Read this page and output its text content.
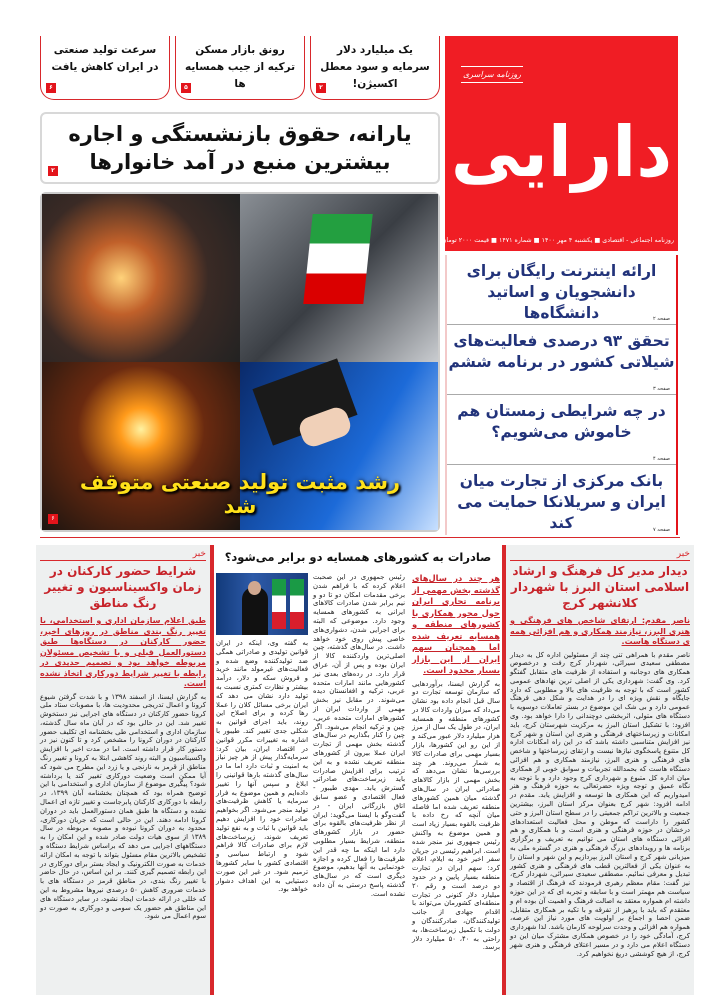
یک میلیارد دلار سرمایه و سود معطل اکسیژن!
۲
رونق بازار مسکن ترکیه از جیب همسایه ها
۵
سرعت تولید صنعتی در ایران کاهش یافت
۶
روزنامه سراسری
دارایی
روزنامه اجتماعی - اقتصادی ■ یکشنبه ۴ مهر ۱۴۰۰ ■ شماره ۱۴۷۱ ■ قیمت ۲۰۰۰ تومان
یارانه، حقوق بازنشستگی و اجاره بیشترین منبع در آمد خانوارها
۲
رشد مثبت تولید صنعتی متوقف شد
۶
ارائه اینترنت رایگان برای دانشجویان و اساتید دانشگاه‌ها	صفحه ۲
تحقق ۹۳ درصدی فعالیت‌های شیلاتی کشور در برنامه ششم
صفحه ۳
در چه شرایطی زمستان هم خاموش می‌شویم؟
صفحه ۴
بانک مرکزی از تجارت میان ایران و سریلانکا حمایت می کند	صفحه ۷
خبر
دیدار مدیر کل فرهنگ و ارشاد اسلامی استان البرز با شهردار کلانشهر کرج
ناصر مقدم: ارتقای شاخص های فرهنگی و هنری البرز، نیازمند همکاری و هم افزائی همه ی دستگاه هاست.
ناصر مقدم با همراهی تنی چند از مسئولین اداره کل به دیدار مصطفی سعیدی سیرائی، شهردار کرج رفت و درخصوص همکاری های دوجانبه و استفاده از ظرفیت های متقابل گفتگو کرد. وی گفت: شهرداری یکی از اصلی ترین نهادهای عمومی کشور است که با توجه به ظرفیت های بالا و مطلوبی که دارد جایگاه و نقش ویژه ای را در هدایت و شکل دهی فرهنگ عمومی دارد و بی شک این موضوع در بستر تعاملات دوسویه با دستگاه های متولی، اثربخشی دوچندانی را دارا خواهد بود. وی افزود: با تشکیل استان البرز به مرکزیت شهرستان کرج، باید امکانات و زیرساختهای فرهنگی و هنری این استان و شهر کرج نیز افزایش متناسبی داشته باشد که در این راه امکانات اداره کل متنوع پاسخگوی نیازها نیست و ارتقای زیرساختها و شاخص های فرهنگی و هنری البرز، نیازمند همکاری و هم افزائی دستگاه هاست که بحمدالله تجربیات و سوابق خوبی از همکاری میان اداره کل متبوع و شهرداری کرج وجود دارد و با توجه به نگاه عمیق و توجه ویژه حضرتعالی به حوزه فرهنگ و هنر امیدواریم که این همکاری ها توسعه و افزایش یابد. مقدم در ادامه افزود: شهر کرج بعنوان مرکز استان البرز، بیشترین جمعیت و بالاترین تراکم جمعیتی را در سطح استان البرز و حتی کشور را داراست که موطن و محل فعالیت استعدادهای درخشان در حوزه فرهنگی و هنری است و با همکاری و هم افزائی دستگاه های استان می توانیم به تعریف و برگزاری برنامه ها و رویدادهای بزرگ فرهنگی و هنری در گستره ملی به میزبانی شهر کرج و استان البرز بپردازیم و این شهر و استان را به عنوان یکی از فعالترین قطب های فرهنگی و هنری کشور تبدیل و معرفی نمائیم. مصطفی سعیدی سیرائی، شهردار کرج، نیز گفت: مقام معظم رهبری فرمودند که فرهنگ از اقتصاد و سیاست هم مهمتر است و با سابقه و تجربه ای که در این حوزه داشته ام همواره معتقد به اصالت فرهنگ و اهمیت آن بوده ام و معتقدم که باید با پرهیز از تفرقه و با تکیه بر همکاری متقابل، ضمن احصا و اجماع بر اولویت های مورد نیاز این عرصه، همواره هم افزائی و وحدت سرلوحه کارمان باشد. لذا شهرداری کرج، آمادگی خود را در خصوص همکاری مشترک میان این دو دستگاه اعلام می دارد و در مسیر اعتلای فرهنگی و هنری شهر کرج، از هیچ کوششی دریغ نخواهیم کرد.
صادرات به کشورهای همسایه دو برابر می‌شود؟
هر چند در سال‌های گذشته بخش مهمی از برنامه تجاری ایران حول محور همکاری با کشورهای منطقه و همسایه تعریف شده اما همچنان سهم ایران از این بازار بسیار محدود است.
به گزارش ایسنا، برآوردهایی که سازمان توسعه تجارت دو سال قبل انجام داده بود نشان می‌داد که میزان واردات کالا در کشورهای منطقه و همسایه ایران، در طول یک سال از مرز هزار میلیارد دلار عبور می‌کند و از این رو این کشورها، بازار بسیار مهمی برای صادرات کالا به شمار می‌روند. هر چند بررسی‌ها نشان می‌دهد که بخش مهمی از بازار کالاهای صادراتی ایران در سال‌های گذشته میان همین کشورهای منطقه تعریف شده اما فاصله میان آنچه که رخ داده با ظرفیت بالقوه بسیار زیاد است و همین موضوع به واکنش رئیس جمهوری نیز منجر شده است. ابراهیم رئیسی در جریان سفر اخیر خود به ایلام، اعلام کرد: سهم ایران در تجارت منطقه بسیار پایین و در حدود دو درصد است و رقم ۲۰ میلیارد دلار کنونی در تجارت منطقه‌ای کشورمان می‌تواند با اقدام جهادی از جانب تولیدکنندگان، صادرکنندگان و دولت با تکمیل زیرساخت‌ها، به راحتی به ۴۰، ۵۰ میلیارد دلار برسد.
رئیس جمهوری در این صحبت اعلام کرده که با فراهم شدن برخی مقدمات امکان دو تا دو و نیم برابر شدن صادرات کالاهای ایرانی به کشورهای همسایه وجود دارد. موضوعی که البته برای اجرایی شدن، دشواری‌های خاصی پیش روی خود خواهد داشت. در سال‌های گذشته، چین اصلی‌ترین واردکننده کالا از ایران بوده و پس از آن، عراق قرار دارد. در رده‌های بعدی نیز کشورهایی مانند امارات متحده عربی، ترکیه و افغانستان دیده می‌شوند. در مقابل نیز بخش مهمی از واردات ایران از کشورهای امارات متحده عربی، چین و ترکیه انجام می‌شود. اگر چین را کنار بگذاریم در سال‌های گذشته بخش مهمی از تجارت ایران عملا بیرون از کشورهای منطقه تعریف نشده و به این ترتیب برای افزایش صادرات باید زیرساخت‌های صادراتی گسترش یابد. مهدی طیبور - فعال اقتصادی و عضو سابق اتاق بازرگانی ایران - در گفت‌وگو با ایسنا می‌گوید: ایران از نظر ظرفیت‌های بالقوه برای حضور در بازار کشورهای منطقه، شرایط بسیار مطلوبی دارد اما اینکه ما چه قدر این ظرفیت‌ها را فعال کرده و اجازه خودنمایی به آنها بدهیم، موضوع دیگری است که در سال‌های گذشته پاسخ درستی به آن داده نشده است.
به گفته وی، اینکه در ایران قوانین تولیدی و صادراتی همگی ضد تولیدکننده وضع شده و فعالیت‌های غیرمولد مانند خرید و فروش سکه و دلار، درآمد بیشتر و نظارت کمتری نسبت به تولید دارد نشان می دهد که ایران برخی مسائل کلان را عملا رها کرده و برای اصلاح این روند، باید اجرای قوانین به شکلی جدی تغییر کند. طیبور با اشاره به تغییرات مکرر قوانین در اقتصاد ایران، بیان کرد: سرمایه‌گذار پیش از هر چیز نیاز به امنیت و ثبات دارد اما ما در سال‌های گذشته بارها قوانینی را ابلاغ و سپس آنها را تغییر داده‌ایم و همین موضوع به فرار سرمایه یا کاهش ظرفیت‌های تولید منجر می‌شود. اگر بخواهیم صادرات خود را افزایش دهیم باید قوانین با ثبات و به نفع تولید تعریف شوند، زیرساخت‌های لازم برای صادرات کالا فراهم شود و ارتباط سیاسی و اقتصادی کشور با سایر کشورها ترمیم شود. در غیر این صورت دستیابی به این اهداف دشوار خواهد بود.
خبر
شرایط حضور کارکنان در زمان واکسیناسیون و تغییر رنگ مناطق
طبق اعلام سازمان اداری و استخدامی، با تغییر رنگ بندی مناطق در روزهای اخیر، حضور کارکنان در دستگاه‌ها طبق دستورالعمل قبلی و با تشخیص مسئولان مربوطه خواهد بود و تصمیم جدیدی در رابطه با تغییر شرایط دورکاری اتخاذ نشده است.
به گزارش ایسنا، از اسفند ۱۳۹۸ و با شدت گرفتن شیوع کرونا و اعمال تدریجی محدودیت ها، با مصوبات ستاد ملی کرونا حضور کارکنان در دستگاه های اجرایی نیز دستخوش تغییر شد. این در حالی بود که در آبان ماه سال گذشته، سازمان اداری و استخدامی طی بخشنامه ای تکلیف حضور کارکنان در دوران کرونا را مشخص کرد و تا کنون نیز در دستور کار قرار داشته است. اما در مدت اخیر با افزایش واکسیناسیون و البته روند کاهشی ابتلا به کرونا و تغییر رنگ مناطق از قرمز به نارنجی و یا زرد این مطرح می شود که آیا ممکن است وضعیت دورکاری تغییر کند یا برداشته شود؟ پیگیری موضوع از سازمان اداری و استخدامی با این توضیح همراه بود که همچنان بخشنامه آبان ۱۳۹۹، در رابطه با دورکاری کارکنان پابرجاست و تغییر تازه ای اعمال نشده و دستگاه ها طبق همان دستورالعمل باید در دوران کرونا ادامه دهند. این در حالی است که جریان دورکاری، محدود به دوران کرونا نبوده و مصوبه مربوطه در سال ۱۳۸۹ از سوی هیات دولت صادر شده و این امکان را به دستگاههای اجرایی می دهد که براساس شرایط دستگاه و تشخیص بالاترین مقام مسئول بتواند با توجه به امکان ارائه خدمات به صورت الکترونیک و ایجاد بستر برای دورکاری در این رابطه تصمیم گیری کنند. بر این اساس، در حال حاضر با تغییر رنگ بندی، در مناطق قرمز در دستگاه های با خدمات ضروری کاهش ۵۰ درصدی نیروها مشروط به این که خللی در ارائه خدمات ایجاد نشود، در سایر دستگاه های این مناطق هم حضور یک سومی و دورکاری به صورت دو سوم اعمال می شود.
